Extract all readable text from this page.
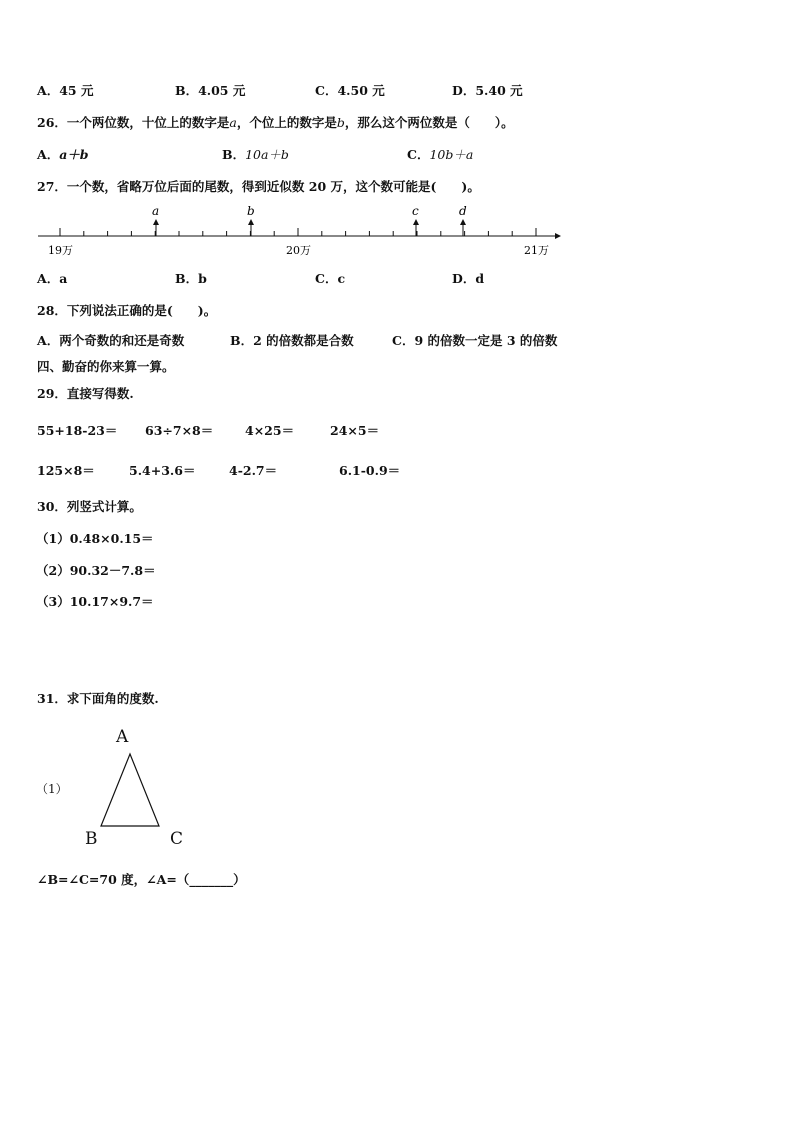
A．45 元	B．4.05 元	C．4.50 元	D．5.40 元
26．一个两位数，十位上的数字是a，个位上的数字是b，那么这个两位数是（　　）。
A．a＋b	B．10a＋b	C．10b＋a
27．一个数，省略万位后面的尾数，得到近似数 20 万，这个数可能是(　　)。
a	b	c	d
19万	20万	21万
A．a	B．b	C．c	D．d
28．下列说法正确的是(　　)。
A．两个奇数的和还是奇数	B．2 的倍数都是合数	C．9 的倍数一定是 3 的倍数
四、勤奋的你来算一算。
29．直接写得数.
55+18-23＝ 63÷7×8＝	4×25＝	24×5＝
125×8＝	5.4+3.6＝	4-2.7＝	6.1-0.9＝
30．列竖式计算。
（1）0.48×0.15＝
（2）90.32－7.8＝
（3）10.17×9.7＝
31．求下面角的度数.
（1）
A
B	C
∠B=∠C=70 度，∠A=（_______）
